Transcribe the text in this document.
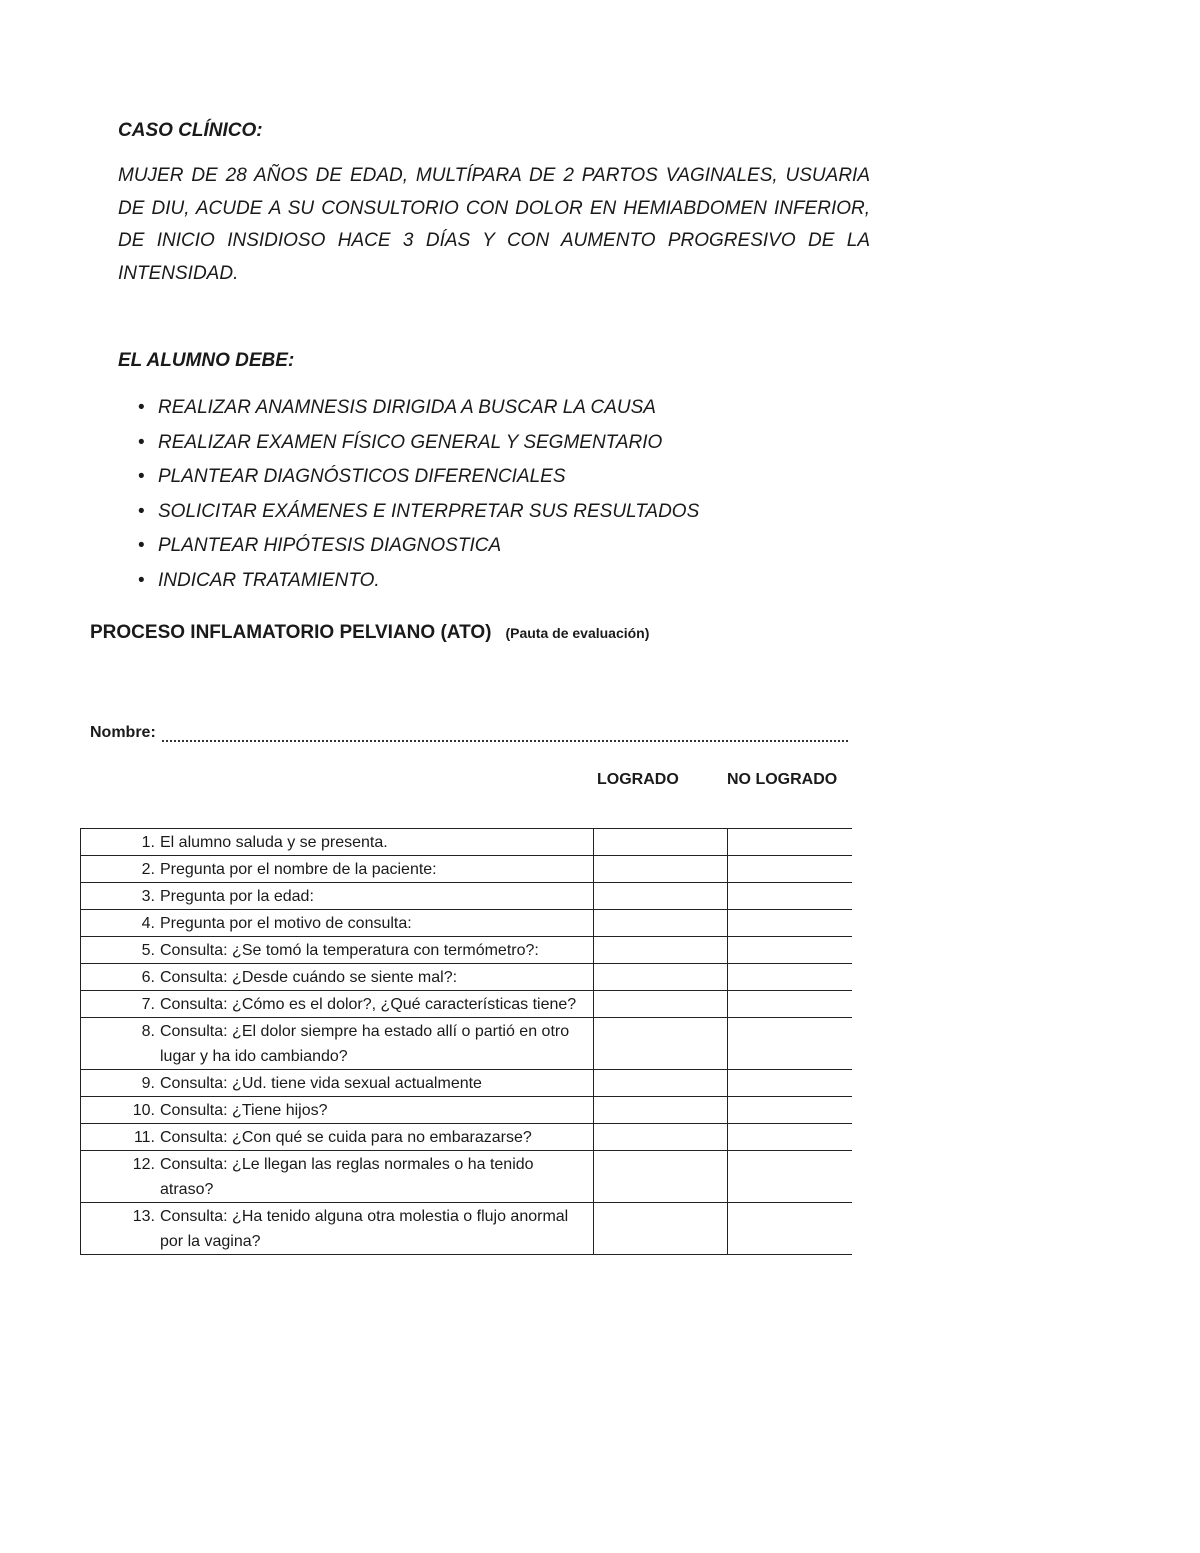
CASO CLÍNICO:

MUJER DE 28 AÑOS DE EDAD, MULTÍPARA DE 2 PARTOS VAGINALES, USUARIA DE DIU, ACUDE A SU CONSULTORIO CON DOLOR EN HEMIABDOMEN INFERIOR, DE INICIO INSIDIOSO HACE 3 DÍAS Y CON AUMENTO PROGRESIVO DE LA INTENSIDAD.

EL ALUMNO DEBE:
• REALIZAR ANAMNESIS DIRIGIDA A BUSCAR LA CAUSA
• REALIZAR EXAMEN FÍSICO GENERAL Y SEGMENTARIO
• PLANTEAR DIAGNÓSTICOS DIFERENCIALES
• SOLICITAR EXÁMENES E INTERPRETAR SUS RESULTADOS
• PLANTEAR HIPÓTESIS DIAGNOSTICA
• INDICAR TRATAMIENTO.
PROCESO INFLAMATORIO PELVIANO (ATO) (Pauta de evaluación)
Nombre:
LOGRADO	NO LOGRADO
1. El alumno saluda y se presenta.		

2. Pregunta por el nombre de la paciente:		

3. Pregunta por la edad:		

4. Pregunta por el motivo de consulta:		

5. Consulta: ¿Se tomó la temperatura con termómetro?:		

6. Consulta: ¿Desde cuándo se siente mal?:		

7. Consulta: ¿Cómo es el dolor?, ¿Qué características tiene?		

8. Consulta: ¿El dolor siempre ha estado allí o partió en otro lugar y ha ido cambiando?		

9. Consulta: ¿Ud. tiene vida sexual actualmente		

10. Consulta: ¿Tiene hijos?		

11. Consulta: ¿Con qué se cuida para no embarazarse?		

12. Consulta: ¿Le llegan las reglas normales o ha tenido atraso?		

13. Consulta: ¿Ha tenido alguna otra molestia o flujo anormal por la vagina?		
